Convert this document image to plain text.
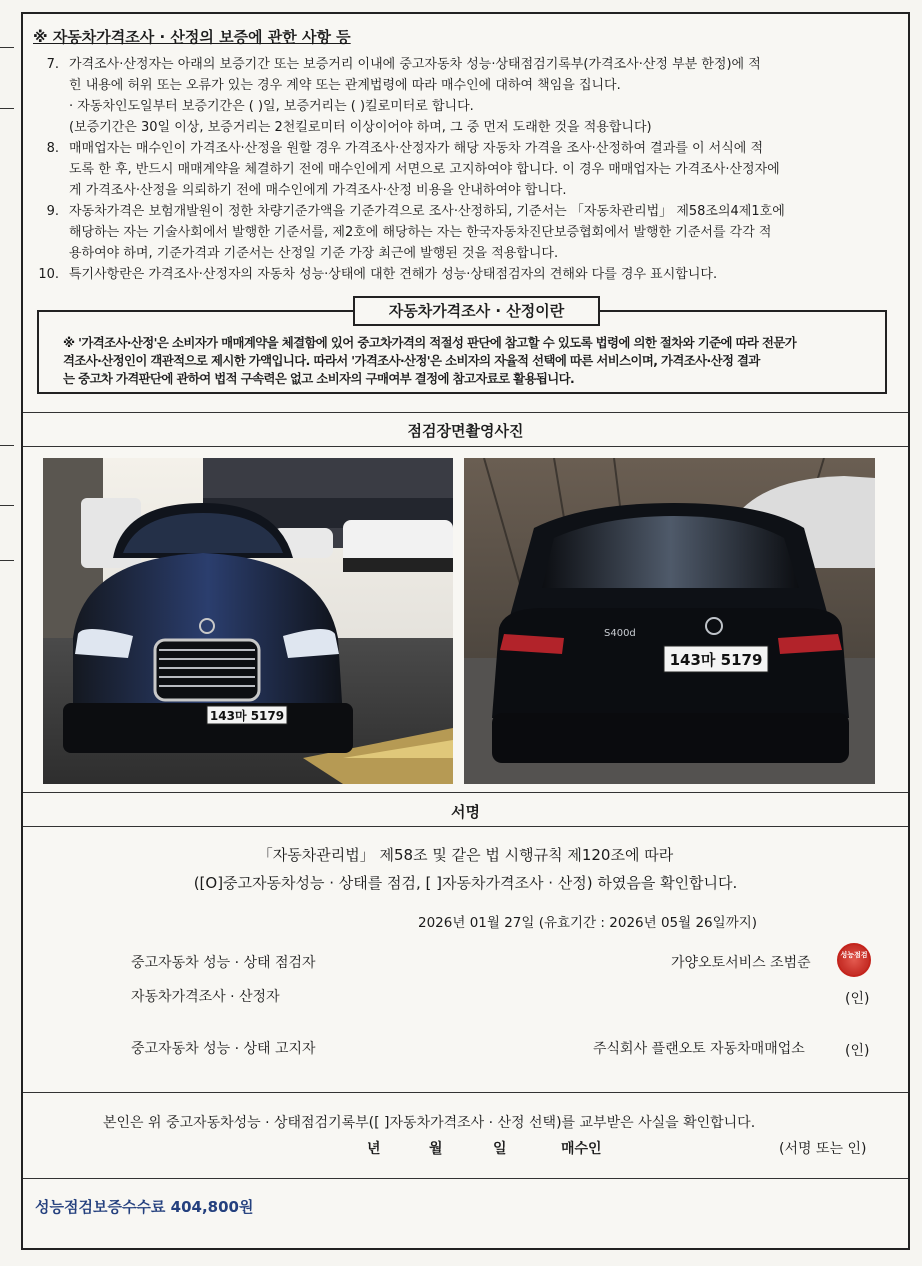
※ 자동차가격조사 · 산정의 보증에 관한 사항 등
7. 가격조사·산정자는 아래의 보증기간 또는 보증거리 이내에 중고자동차 성능·상태점검기록부(가격조사·산정 부분 한정)에 적
힌 내용에 허위 또는 오류가 있는 경우 계약 또는 관계법령에 따라 매수인에 대하여 책임을 집니다.
· 자동차인도일부터 보증기간은 ( )일, 보증거리는 ( )킬로미터로 합니다.
(보증기간은 30일 이상, 보증거리는 2천킬로미터 이상이어야 하며, 그 중 먼저 도래한 것을 적용합니다)
8. 매매업자는 매수인이 가격조사·산정을 원할 경우 가격조사·산정자가 해당 자동차 가격을 조사·산정하여 결과를 이 서식에 적
도록 한 후, 반드시 매매계약을 체결하기 전에 매수인에게 서면으로 고지하여야 합니다. 이 경우 매매업자는 가격조사·산정자에
게 가격조사·산정을 의뢰하기 전에 매수인에게 가격조사·산정 비용을 안내하여야 합니다.
9. 자동차가격은 보험개발원이 정한 차량기준가액을 기준가격으로 조사·산정하되, 기준서는 「자동차관리법」 제58조의4제1호에
해당하는 자는 기술사회에서 발행한 기준서를, 제2호에 해당하는 자는 한국자동차진단보증협회에서 발행한 기준서를 각각 적
용하여야 하며, 기준가격과 기준서는 산정일 기준 가장 최근에 발행된 것을 적용합니다.
10. 특기사항란은 가격조사·산정자의 자동차 성능·상태에 대한 견해가 성능·상태점검자의 견해와 다를 경우 표시합니다.
※ '가격조사·산정'은 소비자가 매매계약을 체결함에 있어 중고차가격의 적절성 판단에 참고할 수 있도록 법령에 의한 절차와 기준에 따라 전문가
격조사·산정인이 객관적으로 제시한 가액입니다. 따라서 '가격조사·산정'은 소비자의 자율적 선택에 따른 서비스이며, 가격조사·산정 결과
는 중고차 가격판단에 관하여 법적 구속력은 없고 소비자의 구매여부 결정에 참고자료로 활용됩니다.
자동차가격조사 · 산정이란
점검장면촬영사진
143마 5179
S400d
143마 5179
서명
「자동차관리법」 제58조 및 같은 법 시행규칙 제120조에 따라
([O]중고자동차성능 · 상태를 점검, [ ]자동차가격조사 · 산정) 하였음을 확인합니다.
2026년 01월 27일 (유효기간 : 2026년 05월 26일까지)
중고자동차 성능 · 상태 점검자	가양오토서비스 조범준	성능점검
자동차가격조사 · 산정자	(인)
중고자동차 성능 · 상태 고지자	주식회사 플랜오토 자동차매매업소	(인)
본인은 위 중고자동차성능 · 상태점검기록부([ ]자동차가격조사 · 산정 선택)를 교부받은 사실을 확인합니다.
년	월	일	매수인	(서명 또는 인)
성능점검보증수수료 404,800원
